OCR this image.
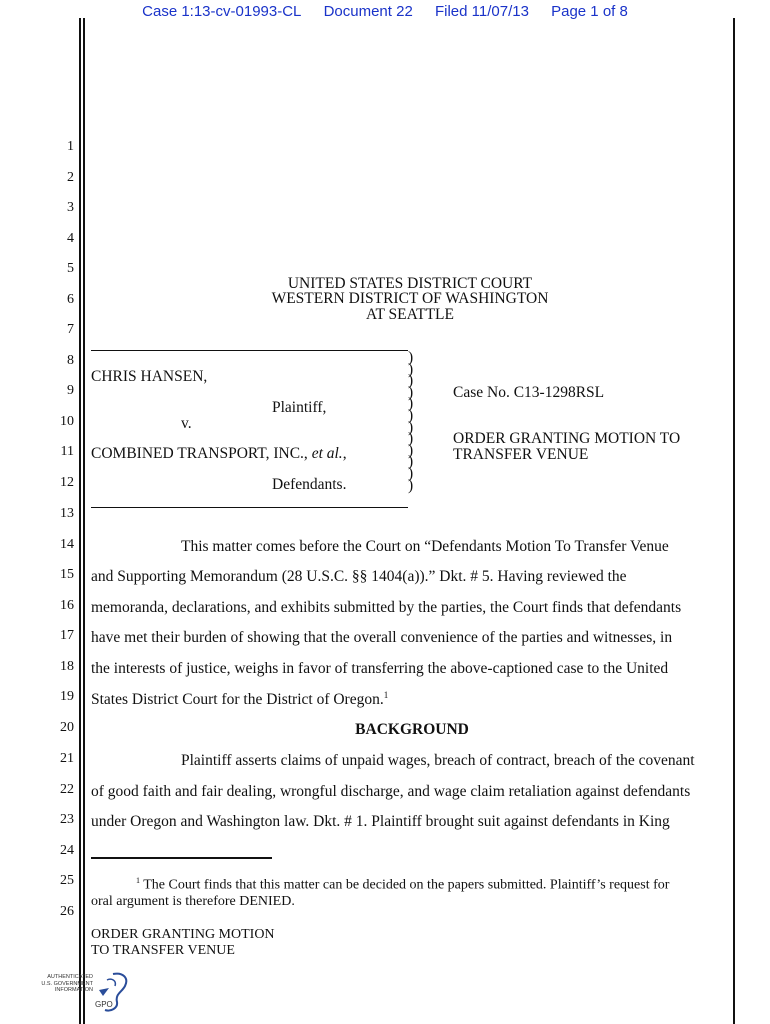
Case 1:13-cv-01993-CL Document 22 Filed 11/07/13 Page 1 of 8
1
2
3
4
5
6
7
8
9
10
11
12
13
14
15
16
17
18
19
20
21
22
23
24
25
26
UNITED STATES DISTRICT COURT
WESTERN DISTRICT OF WASHINGTON
AT SEATTLE
)
)
)
)
)
)
)
)
)
)
)
)
CHRIS HANSEN,
Plaintiff,
v.
COMBINED TRANSPORT, INC., et al.,
Defendants.
Case No. C13-1298RSL
ORDER GRANTING MOTION TO
TRANSFER VENUE
This matter comes before the Court on “Defendants Motion To Transfer Venue
and Supporting Memorandum (28 U.S.C. §§ 1404(a)).” Dkt. # 5. Having reviewed the
memoranda, declarations, and exhibits submitted by the parties, the Court finds that defendants
have met their burden of showing that the overall convenience of the parties and witnesses, in
the interests of justice, weighs in favor of transferring the above-captioned case to the United
States District Court for the District of Oregon.$^1$
BACKGROUND
Plaintiff asserts claims of unpaid wages, breach of contract, breach of the covenant
of good faith and fair dealing, wrongful discharge, and wage claim retaliation against defendants
under Oregon and Washington law. Dkt. # 1. Plaintiff brought suit against defendants in King
$^1$ The Court finds that this matter can be decided on the papers submitted. Plaintiff’s request for
oral argument is therefore DENIED.
ORDER GRANTING MOTION
TO TRANSFER VENUE
AUTHENTICATED
U.S. GOVERNMENT
INFORMATION
GPO
